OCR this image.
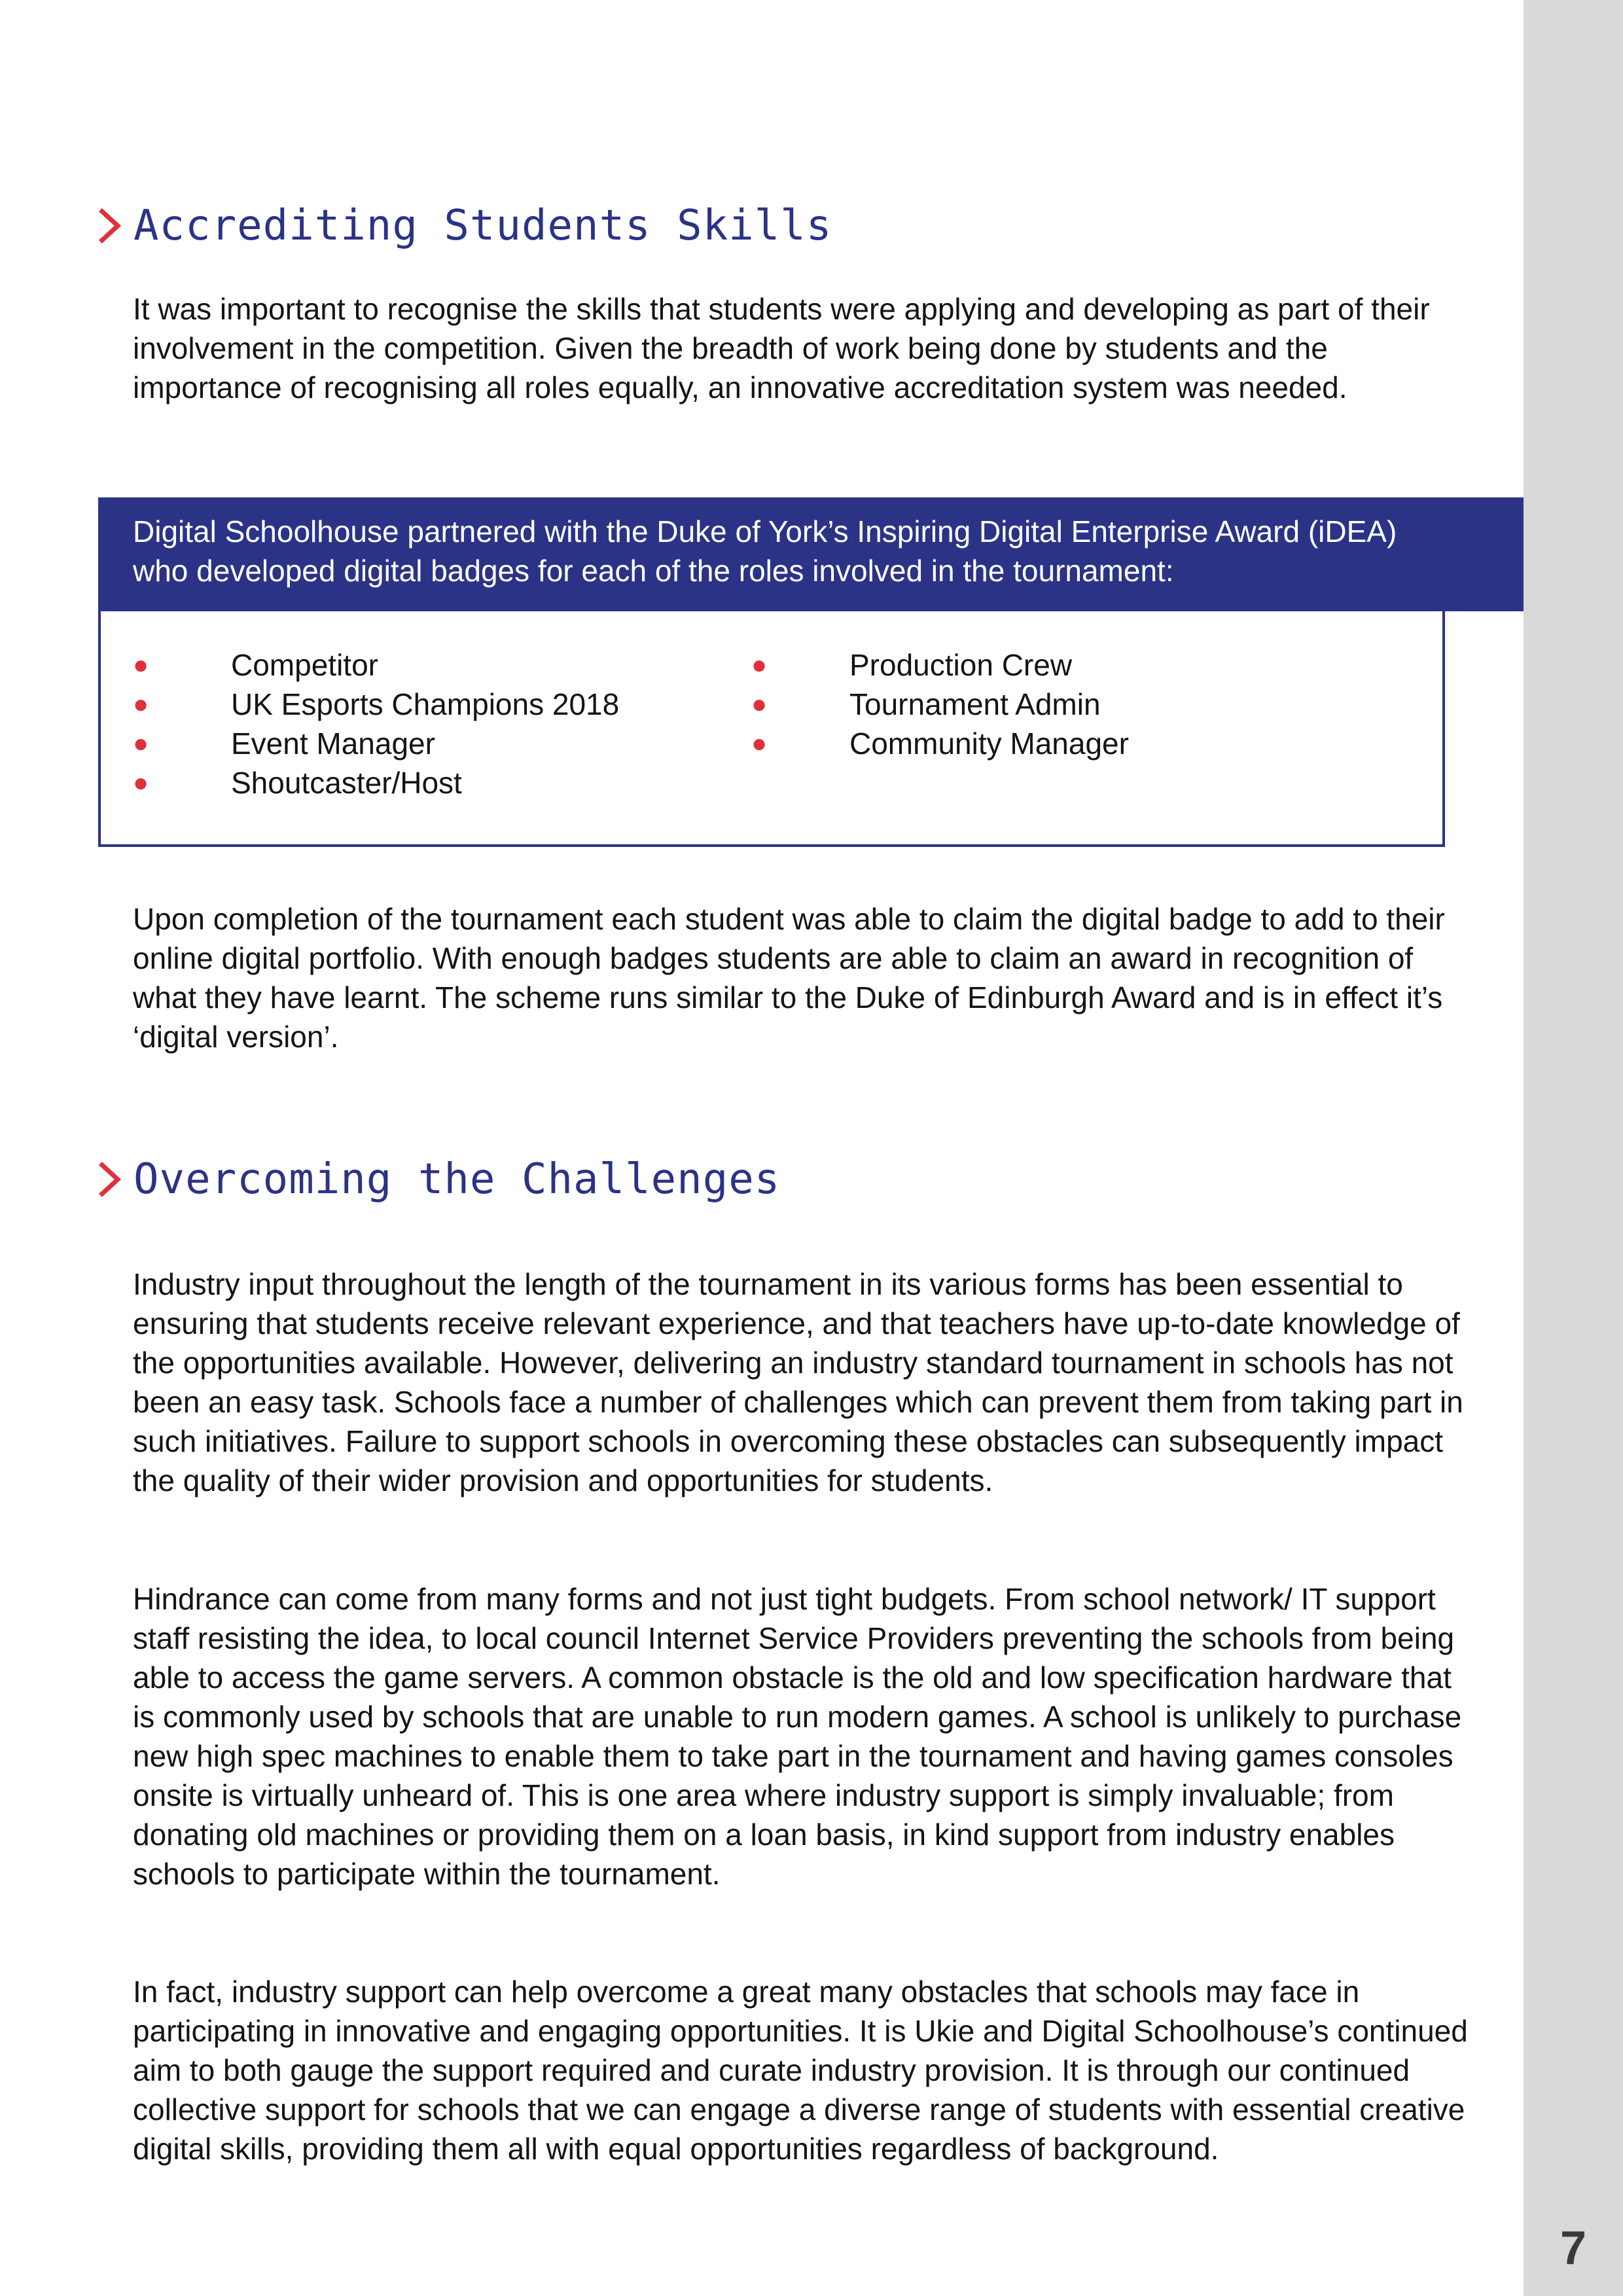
7
Accrediting Students Skills

It was important to recognise the skills that students were applying and developing as part of their involvement in the competition. Given the breadth of work being done by students and the importance of recognising all roles equally, an innovative accreditation system was needed.

Digital Schoolhouse partnered with the Duke of York’s Inspiring Digital Enterprise Award (iDEA) who developed digital badges for each of the roles involved in the tournament:

●	Competitor
●	UK Esports Champions 2018
●	Event Manager
●	Shoutcaster/Host
●	Production Crew
●	Tournament Admin
●	Community Manager

Upon completion of the tournament each student was able to claim the digital badge to add to their online digital portfolio. With enough badges students are able to claim an award in recognition of what they have learnt. The scheme runs similar to the Duke of Edinburgh Award and is in effect it’s ‘digital version’.

Overcoming the Challenges

Industry input throughout the length of the tournament in its various forms has been essential to ensuring that students receive relevant experience, and that teachers have up-to-date knowledge of the opportunities available. However, delivering an industry standard tournament in schools has not been an easy task. Schools face a number of challenges which can prevent them from taking part in such initiatives. Failure to support schools in overcoming these obstacles can subsequently impact the quality of their wider provision and opportunities for students.

Hindrance can come from many forms and not just tight budgets. From school network/ IT support staff resisting the idea, to local council Internet Service Providers preventing the schools from being able to access the game servers. A common obstacle is the old and low specification hardware that is commonly used by schools that are unable to run modern games. A school is unlikely to purchase new high spec machines to enable them to take part in the tournament and having games consoles onsite is virtually unheard of. This is one area where industry support is simply invaluable; from donating old machines or providing them on a loan basis, in kind support from industry enables schools to participate within the tournament.

In fact, industry support can help overcome a great many obstacles that schools may face in participating in innovative and engaging opportunities. It is Ukie and Digital Schoolhouse’s continued aim to both gauge the support required and curate industry provision. It is through our continued collective support for schools that we can engage a diverse range of students with essential creative digital skills, providing them all with equal opportunities regardless of background.
